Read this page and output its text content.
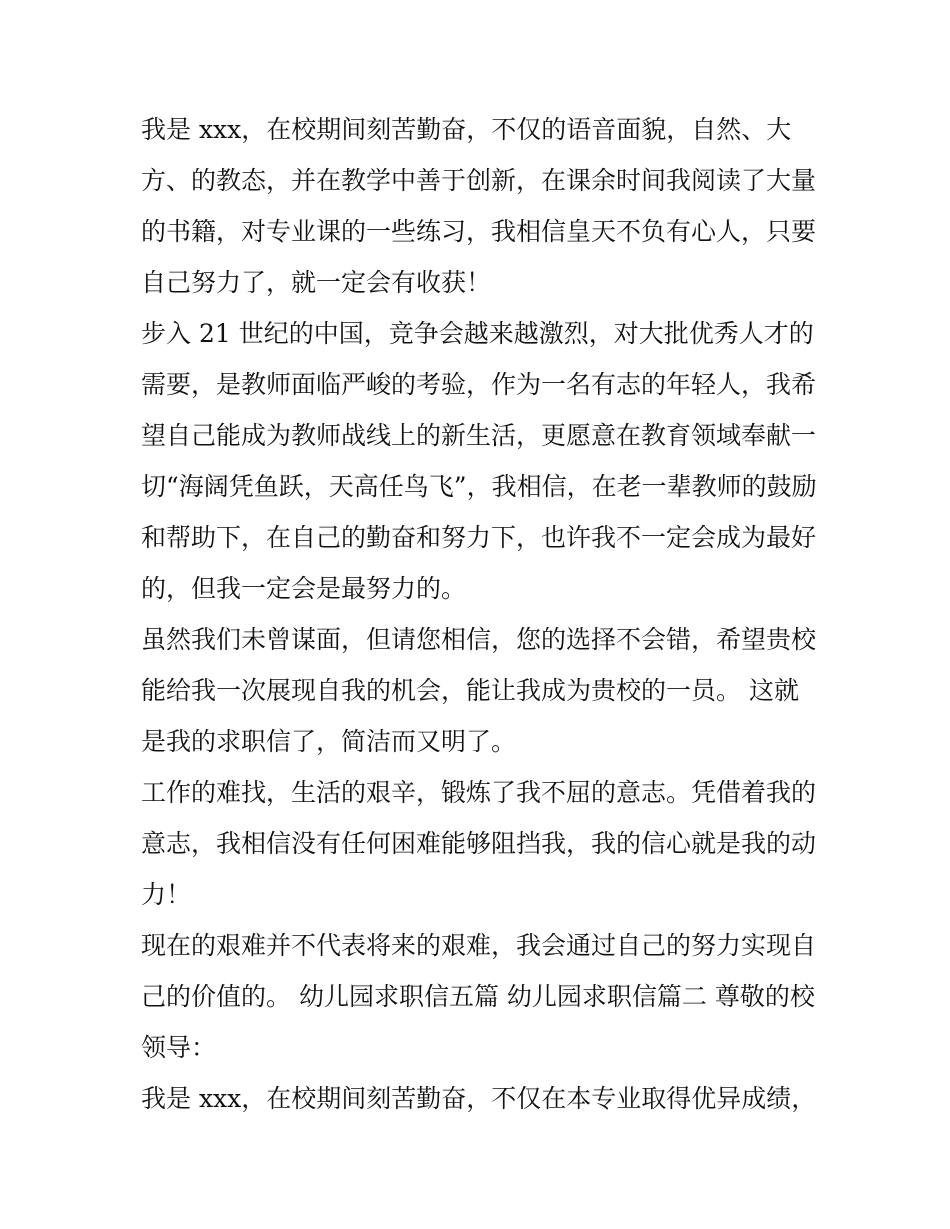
我是 xxx，在校期间刻苦勤奋，不仅的语音面貌，自然、大
方、的教态，并在教学中善于创新，在课余时间我阅读了大量
的书籍，对专业课的一些练习，我相信皇天不负有心人，只要
自己努力了，就一定会有收获！
步入 21 世纪的中国，竞争会越来越激烈，对大批优秀人才的
需要，是教师面临严峻的考验，作为一名有志的年轻人，我希
望自己能成为教师战线上的新生活，更愿意在教育领域奉献一
切“海阔凭鱼跃，天高任鸟飞”，我相信，在老一辈教师的鼓励
和帮助下，在自己的勤奋和努力下，也许我不一定会成为最好
的，但我一定会是最努力的。
虽然我们未曾谋面，但请您相信，您的选择不会错，希望贵校
能给我一次展现自我的机会，能让我成为贵校的一员。 这就
是我的求职信了，简洁而又明了。
工作的难找，生活的艰辛，锻炼了我不屈的意志。凭借着我的
意志，我相信没有任何困难能够阻挡我，我的信心就是我的动
力！
现在的艰难并不代表将来的艰难，我会通过自己的努力实现自
己的价值的。 幼儿园求职信五篇 幼儿园求职信篇二 尊敬的校
领导：
我是 xxx，在校期间刻苦勤奋，不仅在本专业取得优异成绩，
